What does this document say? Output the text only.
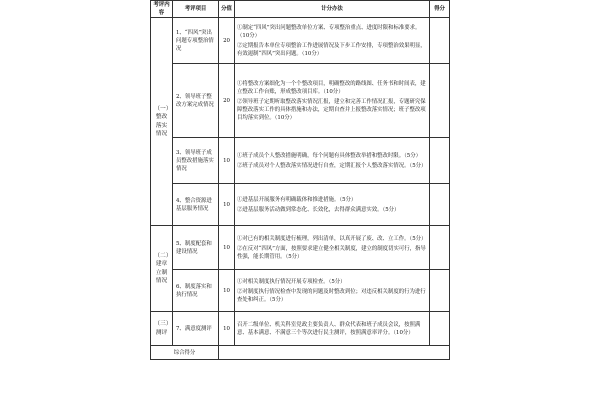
考评内容	考评项目	分值	计分办法	得分

（一）整改落实情况	1、“四风”突出问题专项整治情况	20	①制定“四风”突出问题整改单位方案、专项整治重点、进度时限和标准要求。（10分）
②定期报告本单位专项整治工作进展情况及下步工作安排，专项整治效果明显，有效遏制“四风”突出问题。（10分）	

	2、领导班子整改方案完成情况	20	①将整改方案细化为一个个整改项目，明确整改的路线图、任务书和时间表，建立整改工作台账，形成整改项目库。（10分）
②领导班子定期听取整改落实情况汇报，建立和完善工作情况汇报，专题研究保障整改落实工作的具体措施和办法，定期自查并上报整改落实情况；班子整改项目均落实到位。（10分）	

	3、领导班子成员整改措施落实情况	10	①班子成员个人整改措施明确，每个问题有具体整改举措和整改时限。（5分）
②班子成员对个人整改落实情况进行自查，定期汇报个人整改落实情况。（5分）	

	4、整合资源进基层服务情况	10	①进基层开展服务有明确载体和推进措施。（5分）
②进基层服务活动做到常态化、长效化，去得群众满意实效。（5分）	

（二）建章立制情况	5、制度配套和建设情况	10	①对已有的相关制度进行梳理，列出清单，以真开展了废、改、立工作。（5分）
②在反对“四风”方面，按照要求建立健全相关制度，建立的制度切实可行，指导性强，能长期管用。（5分）	

	6、制度落实和执行情况	10	①对相关制度执行情况开展专项检查。（5分）
②对制度执行情况检查中发现的问题及时整改到位；对违反相关制度的行为进行查处和纠正。（5分）	

（三）测评	7、满意度测评	10	召开二级单位、机关科室党政主要负责人、群众代表和班子成员会议，按照满意、基本满意、不满意三个等次进行民主测评，按照满意率评分。（10分）	

综合得分				
